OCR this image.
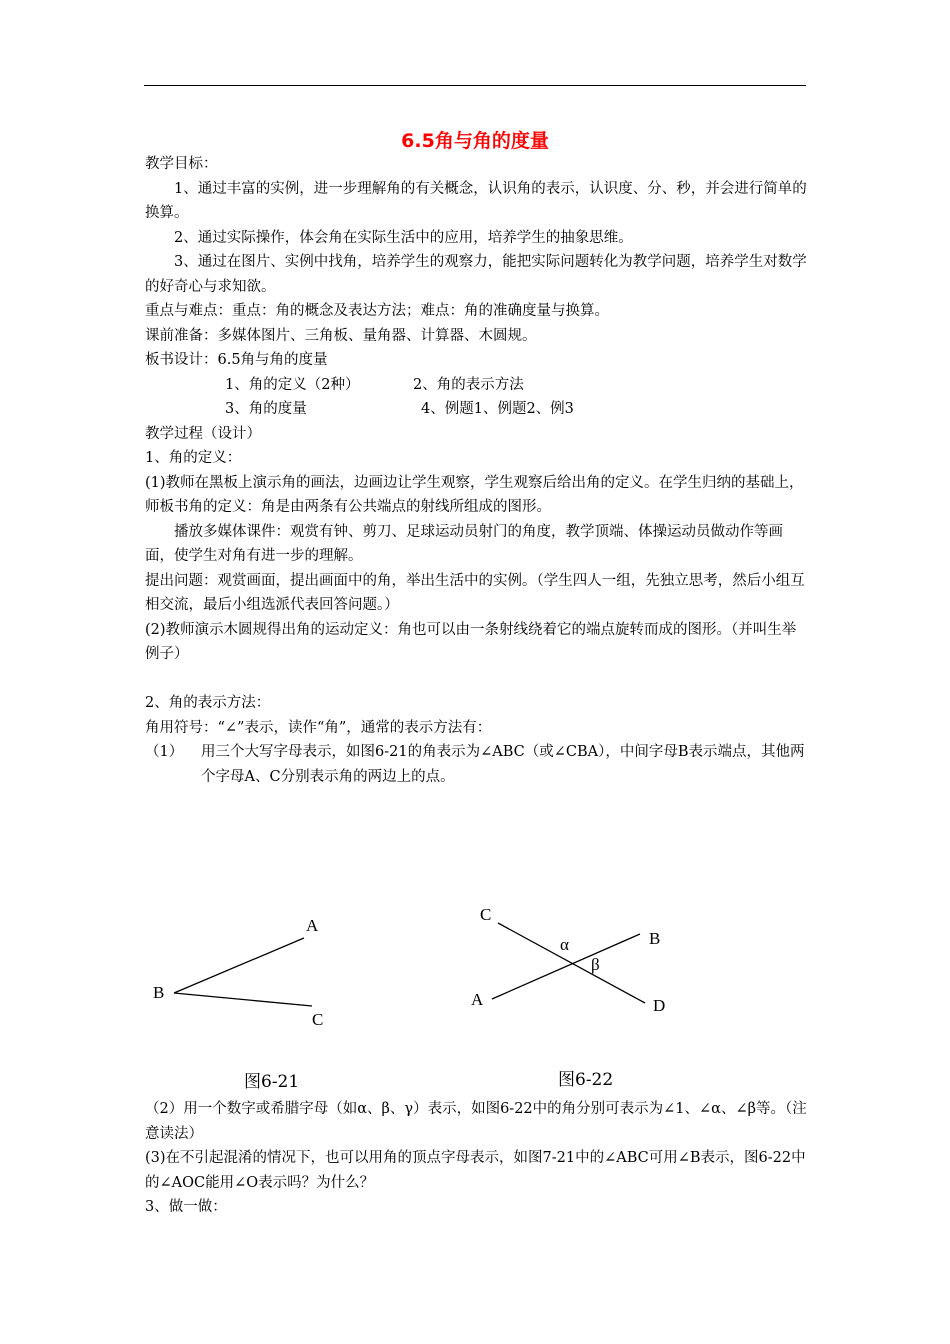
6.5角与角的度量

教学目标：

1、通过丰富的实例，进一步理解角的有关概念，认识角的表示，认识度、分、秒，并会进行简单的换算。

2、通过实际操作，体会角在实际生活中的应用，培养学生的抽象思维。

3、通过在图片、实例中找角，培养学生的观察力，能把实际问题转化为教学问题，培养学生对数学的好奇心与求知欲。

重点与难点：重点：角的概念及表达方法；难点：角的准确度量与换算。

课前准备：多媒体图片、三角板、量角器、计算器、木圆规。

板书设计：6.5角与角的度量

1、角的定义（2种）	2、角的表示方法
3、角的度量	4、例题1、例题2、例3

教学过程（设计）

1、角的定义：

(1)教师在黑板上演示角的画法，边画边让学生观察，学生观察后给出角的定义。在学生归纳的基础上，师板书角的定义：角是由两条有公共端点的射线所组成的图形。

播放多媒体课件：观赏有钟、剪刀、足球运动员射门的角度，教学顶端、体操运动员做动作等画面，使学生对角有进一步的理解。

提出问题：观赏画面，提出画面中的角，举出生活中的实例。（学生四人一组，先独立思考，然后小组互相交流，最后小组选派代表回答问题。）

(2)教师演示木圆规得出角的运动定义：角也可以由一条射线绕着它的端点旋转而成的图形。（并叫生举例子）

2、角的表示方法：

角用符号：“∠”表示，读作“角”，通常的表示方法有：

（1）	用三个大写字母表示，如图6-21的角表示为∠ABC（或∠CBA），中间字母B表示端点，其他两个字母A、C分别表示角的两边上的点。
A
B
C
C
B
A	D
α
β
图6-21	图6-22

（2）用一个数字或希腊字母（如α、β、γ）表示，如图6-22中的角分别可表示为∠1、∠α、∠β等。（注意读法）

(3)在不引起混淆的情况下，也可以用角的顶点字母表示，如图7-21中的∠ABC可用∠B表示，图6-22中的∠AOC能用∠O表示吗？为什么？

3、做一做：
